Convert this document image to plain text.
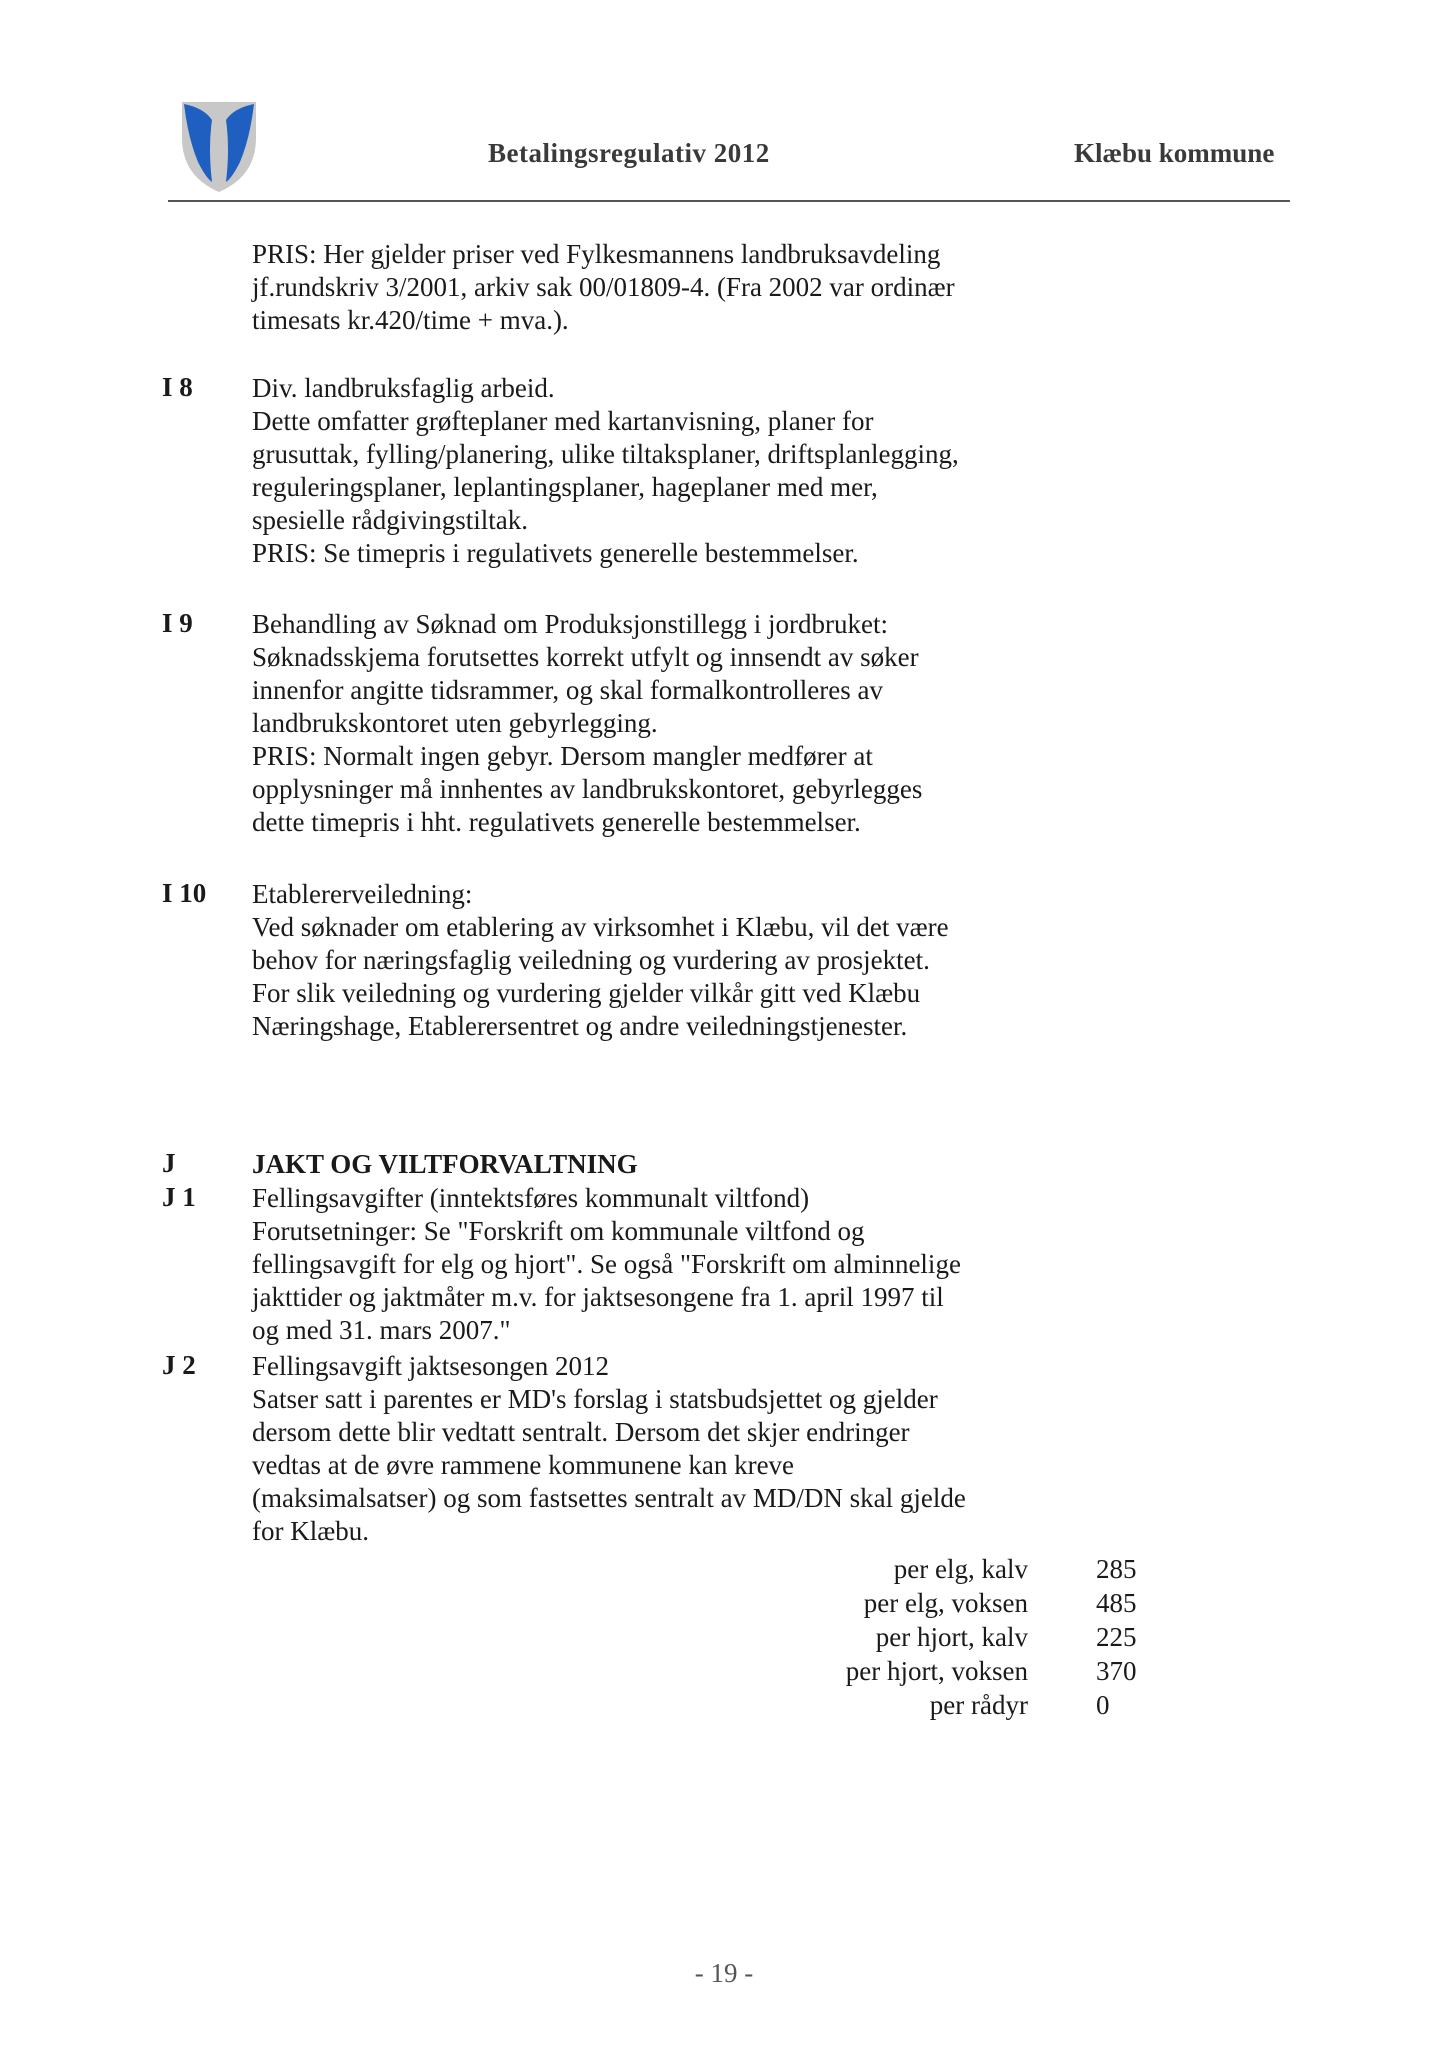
Betalingsregulativ 2012	Klæbu kommune

PRIS: Her gjelder priser ved Fylkesmannens landbruksavdeling

jf.rundskriv 3/2001, arkiv sak 00/01809-4. (Fra 2002 var ordinær

timesats kr.420/time + mva.).

I 8 Div. landbruksfaglig arbeid.

Dette omfatter grøfteplaner med kartanvisning, planer for

grusuttak, fylling/planering, ulike tiltaksplaner, driftsplanlegging,

reguleringsplaner, leplantingsplaner, hageplaner med mer,

spesielle rådgivingstiltak.

PRIS: Se timepris i regulativets generelle bestemmelser.

I 9 Behandling av Søknad om Produksjonstillegg i jordbruket:

Søknadsskjema forutsettes korrekt utfylt og innsendt av søker

innenfor angitte tidsrammer, og skal formalkontrolleres av

landbrukskontoret uten gebyrlegging.

PRIS: Normalt ingen gebyr. Dersom mangler medfører at

opplysninger må innhentes av landbrukskontoret, gebyrlegges

dette timepris i hht. regulativets generelle bestemmelser.

I 10 Etablererveiledning:

Ved søknader om etablering av virksomhet i Klæbu, vil det være

behov for næringsfaglig veiledning og vurdering av prosjektet.

For slik veiledning og vurdering gjelder vilkår gitt ved Klæbu

Næringshage, Etablerersentret og andre veiledningstjenester.

J	JAKT OG VILTFORVALTNING
J 1 Fellingsavgifter (inntektsføres kommunalt viltfond)

Forutsetninger: Se "Forskrift om kommunale viltfond og

fellingsavgift for elg og hjort". Se også "Forskrift om alminnelige

jakttider og jaktmåter m.v. for jaktsesongene fra 1. april 1997 til

og med 31. mars 2007."

J 2 Fellingsavgift jaktsesongen 2012

Satser satt i parentes er MD's forslag i statsbudsjettet og gjelder

dersom dette blir vedtatt sentralt. Dersom det skjer endringer

vedtas at de øvre rammene kommunene kan kreve

(maksimalsatser) og som fastsettes sentralt av MD/DN skal gjelde

for Klæbu.

per elg, kalv	285
per elg, voksen	485
per hjort, kalv	225
per hjort, voksen	370
per rådyr	0
- 19 -
